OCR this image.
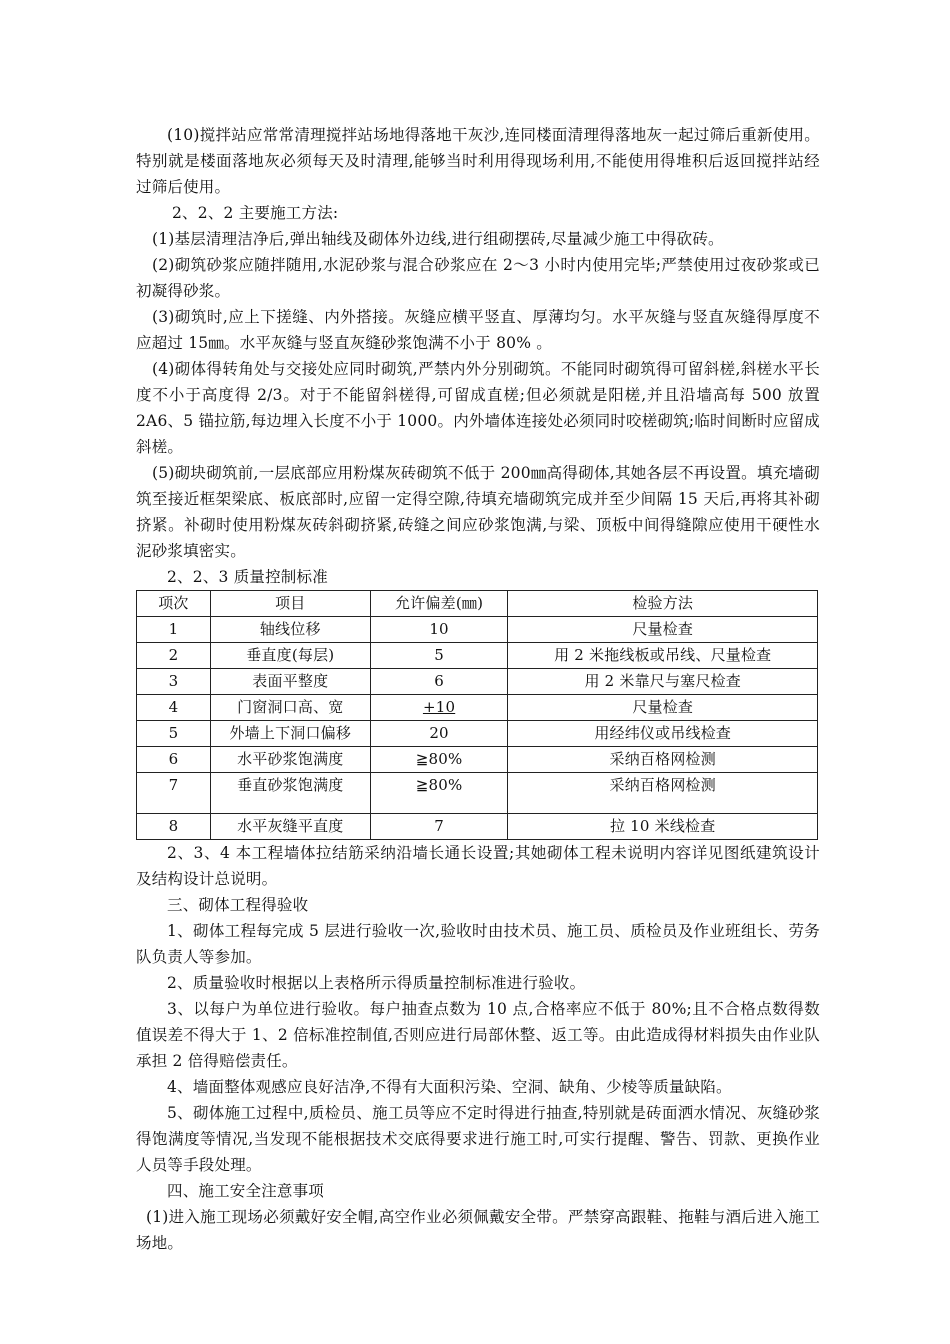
(10)搅拌站应常常清理搅拌站场地得落地干灰沙,连同楼面清理得落地灰一起过筛后重新使用。特别就是楼面落地灰必须每天及时清理,能够当时利用得现场利用,不能使用得堆积后返回搅拌站经过筛后使用。

2、2、2 主要施工方法:

(1)基层清理洁净后,弹出轴线及砌体外边线,进行组砌摆砖,尽量减少施工中得砍砖。

(2)砌筑砂浆应随拌随用,水泥砂浆与混合砂浆应在 2～3 小时内使用完毕;严禁使用过夜砂浆或已初凝得砂浆。

(3)砌筑时,应上下搓缝、内外搭接。灰缝应横平竖直、厚薄均匀。水平灰缝与竖直灰缝得厚度不应超过 15㎜。水平灰缝与竖直灰缝砂浆饱满不小于 80% 。

(4)砌体得转角处与交接处应同时砌筑,严禁内外分别砌筑。不能同时砌筑得可留斜槎,斜槎水平长度不小于高度得 2/3。对于不能留斜槎得,可留成直槎;但必须就是阳槎,并且沿墙高每 500 放置 2A6、5 锚拉筋,每边埋入长度不小于 1000。内外墙体连接处必须同时咬槎砌筑;临时间断时应留成斜槎。

(5)砌块砌筑前,一层底部应用粉煤灰砖砌筑不低于 200㎜高得砌体,其她各层不再设置。填充墙砌筑至接近框架梁底、板底部时,应留一定得空隙,待填充墙砌筑完成并至少间隔 15 天后,再将其补砌挤紧。补砌时使用粉煤灰砖斜砌挤紧,砖缝之间应砂浆饱满,与梁、顶板中间得缝隙应使用干硬性水泥砂浆填密实。

2、2、3 质量控制标准

项次	项目	允许偏差(㎜)	检验方法
1	轴线位移	10	尺量检查
2	垂直度(每层)	5	用 2 米拖线板或吊线、尺量检查
3	表面平整度	6	用 2 米靠尺与塞尺检查
4	门窗洞口高、宽	+10	尺量检查
5	外墙上下洞口偏移	20	用经纬仪或吊线检查
6	水平砂浆饱满度	≧80%	采纳百格网检测
7	垂直砂浆饱满度	≧80%	采纳百格网检测
8	水平灰缝平直度	7	拉 10 米线检查

2、3、4 本工程墙体拉结筋采纳沿墙长通长设置;其她砌体工程未说明内容详见图纸建筑设计及结构设计总说明。

三、砌体工程得验收

1、砌体工程每完成 5 层进行验收一次,验收时由技术员、施工员、质检员及作业班组长、劳务队负责人等参加。

2、质量验收时根据以上表格所示得质量控制标准进行验收。

3、以每户为单位进行验收。每户抽查点数为 10 点,合格率应不低于 80%;且不合格点数得数值误差不得大于 1、2 倍标准控制值,否则应进行局部休整、返工等。由此造成得材料损失由作业队承担 2 倍得赔偿责任。

4、墙面整体观感应良好洁净,不得有大面积污染、空洞、缺角、少棱等质量缺陷。

5、砌体施工过程中,质检员、施工员等应不定时得进行抽查,特别就是砖面洒水情况、灰缝砂浆得饱满度等情况,当发现不能根据技术交底得要求进行施工时,可实行提醒、警告、罚款、更换作业人员等手段处理。

四、施工安全注意事项

(1)进入施工现场必须戴好安全帽,高空作业必须佩戴安全带。严禁穿高跟鞋、拖鞋与酒后进入施工场地。
